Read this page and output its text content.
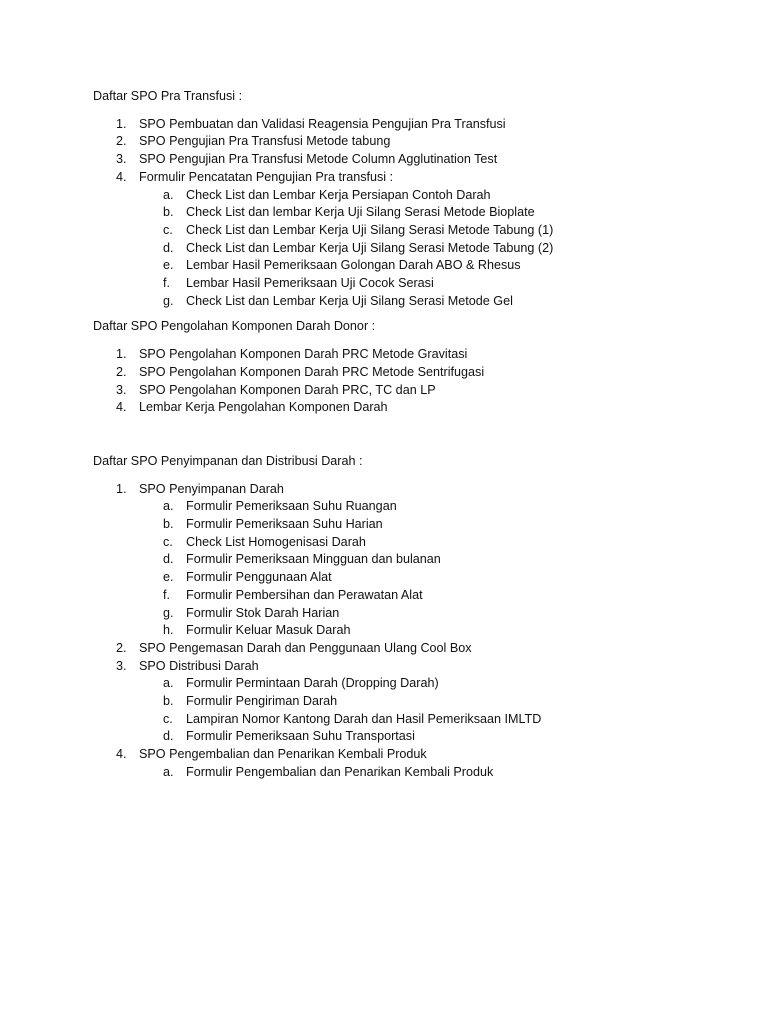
Daftar SPO Pra Transfusi :
1. SPO Pembuatan dan Validasi Reagensia Pengujian Pra Transfusi
2. SPO Pengujian Pra Transfusi Metode tabung
3. SPO Pengujian Pra Transfusi Metode Column Agglutination Test
4. Formulir Pencatatan Pengujian Pra transfusi :
a. Check List dan Lembar Kerja Persiapan Contoh Darah
b. Check List dan lembar Kerja Uji Silang Serasi Metode Bioplate
c.	Check List dan Lembar Kerja Uji Silang Serasi Metode Tabung (1)
d. Check List dan Lembar Kerja Uji Silang Serasi Metode Tabung (2)
e. Lembar Hasil Pemeriksaan Golongan Darah ABO & Rhesus
f.	Lembar Hasil Pemeriksaan Uji Cocok Serasi
g. Check List dan Lembar Kerja Uji Silang Serasi Metode Gel
Daftar SPO Pengolahan Komponen Darah Donor :
1. SPO Pengolahan Komponen Darah PRC Metode Gravitasi
2. SPO Pengolahan Komponen Darah PRC Metode Sentrifugasi
3. SPO Pengolahan Komponen Darah PRC, TC dan LP
4. Lembar Kerja Pengolahan Komponen Darah
Daftar SPO Penyimpanan dan Distribusi Darah :
1. SPO Penyimpanan Darah
a. Formulir Pemeriksaan Suhu Ruangan
b. Formulir Pemeriksaan Suhu Harian
c.	Check List Homogenisasi Darah
d. Formulir Pemeriksaan Mingguan dan bulanan
e. Formulir Penggunaan Alat
f.	Formulir Pembersihan dan Perawatan Alat
g. Formulir Stok Darah Harian
h. Formulir Keluar Masuk Darah
2. SPO Pengemasan Darah dan Penggunaan Ulang Cool Box
3. SPO Distribusi Darah
a. Formulir Permintaan Darah (Dropping Darah)
b. Formulir Pengiriman Darah
c.	Lampiran Nomor Kantong Darah dan Hasil Pemeriksaan IMLTD
d. Formulir Pemeriksaan Suhu Transportasi
4. SPO Pengembalian dan Penarikan Kembali Produk
a. Formulir Pengembalian dan Penarikan Kembali Produk
